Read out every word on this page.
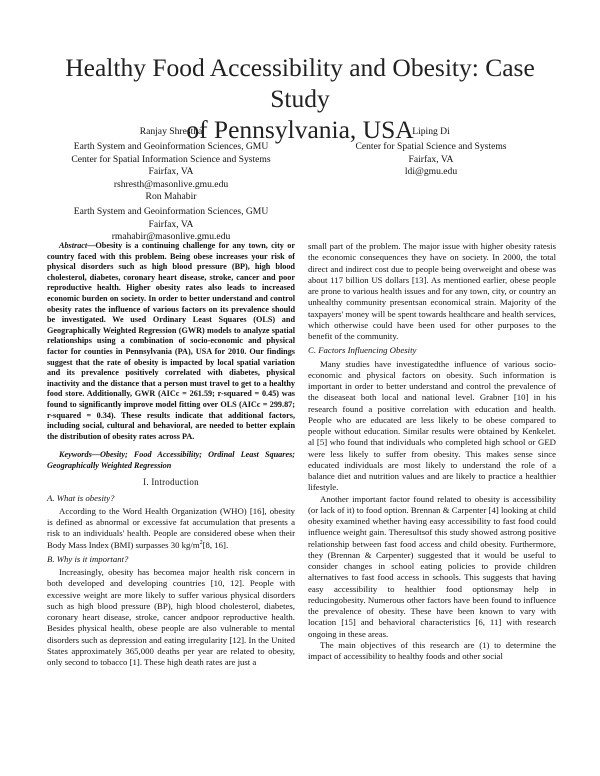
Healthy Food Accessibility and Obesity: Case Study
of Pennsylvania, USA
Ranjay Shrestha
Earth System and Geoinformation Sciences, GMU
Center for Spatial Information Science and Systems
Fairfax, VA
rshresth@masonlive.gmu.edu
Liping Di
Center for Spatial Science and Systems
Fairfax, VA
ldi@gmu.edu
Ron Mahabir
Earth System and Geoinformation Sciences, GMU
Fairfax, VA
rmahabir@masonlive.gmu.edu

Abstract—Obesity is a continuing challenge for any town, city or country faced with this problem. Being obese increases your risk of physical disorders such as high blood pressure (BP), high blood cholesterol, diabetes, coronary heart disease, stroke, cancer and poor reproductive health. Higher obesity rates also leads to increased economic burden on society. In order to better understand and control obesity rates the influence of various factors on its prevalence should be investigated. We used Ordinary Least Squares (OLS) and Geographically Weighted Regression (GWR) models to analyze spatial relationships using a combination of socio-economic and physical factor for counties in Pennsylvania (PA), USA for 2010. Our findings suggest that the rate of obesity is impacted by local spatial variation and its prevalence positively correlated with diabetes, physical inactivity and the distance that a person must travel to get to a healthy food store. Additionally, GWR (AICc = 261.59; r-squared = 0.45) was found to significantly improve model fitting over OLS (AICc = 299.87; r-squared = 0.34). These results indicate that additional factors, including social, cultural and behavioral, are needed to better explain the distribution of obesity rates across PA.

Keywords—Obesity; Food Accessibility; Ordinal Least Squares; Geographically Weighted Regression

I. Introduction

A. What is obesity?

According to the Word Health Organization (WHO) [16], obesity is defined as abnormal or excessive fat accumulation that presents a risk to an individuals' health. People are considered obese when their Body Mass Index (BMI) surpasses 30 $kg/m^2[8$, 16].

B. Why is it important?

Increasingly, obesity has becomea major health risk concern in both developed and developing countries [10, 12]. People with excessive weight are more likely to suffer various physical disorders such as high blood pressure (BP), high blood cholesterol, diabetes, coronary heart disease, stroke, cancer andpoor reproductive health. Besides physical health, obese people are also vulnerable to mental disorders such as depression and eating irregularity [12]. In the United States approximately 365,000 deaths per year are related to obesity, only second to tobacco [1]. These high death rates are just a

small part of the problem. The major issue with higher obesity ratesis the economic consequences they have on society. In 2000, the total direct and indirect cost due to people being overweight and obese was about 117 billion US dollars [13]. As mentioned earlier, obese people are prone to various health issues and for any town, city, or country an unhealthy community presentsan economical strain. Majority of the taxpayers' money will be spent towards healthcare and health services, which otherwise could have been used for other purposes to the benefit of the community.

C. Factors Influencing Obesity

Many studies have investigatedthe influence of various socio-economic and physical factors on obesity. Such information is important in order to better understand and control the prevalence of the diseaseat both local and national level. Grabner [10] in his research found a positive correlation with education and health. People who are educated are less likely to be obese compared to people without education. Similar results were obtained by Kenkelet. al [5] who found that individuals who completed high school or GED were less likely to suffer from obesity. This makes sense since educated individuals are most likely to understand the role of a balance diet and nutrition values and are likely to practice a healthier lifestyle.

Another important factor found related to obesity is accessibility (or lack of it) to food option. Brennan & Carpenter [4] looking at child obesity examined whether having easy accessibility to fast food could influence weight gain. Theresultsof this study showed astrong positive relationship between fast food access and child obesity. Furthermore, they (Brennan & Carpenter) suggested that it would be useful to consider changes in school eating policies to provide children alternatives to fast food access in schools. This suggests that having easy accessibility to healthier food optionsmay help in reducingobesity. Numerous other factors have been found to influence the prevalence of obesity. These have been known to vary with location [15] and behavioral characteristics [6, 11] with research ongoing in these areas.

The main objectives of this research are (1) to determine the impact of accessibility to healthy foods and other social
